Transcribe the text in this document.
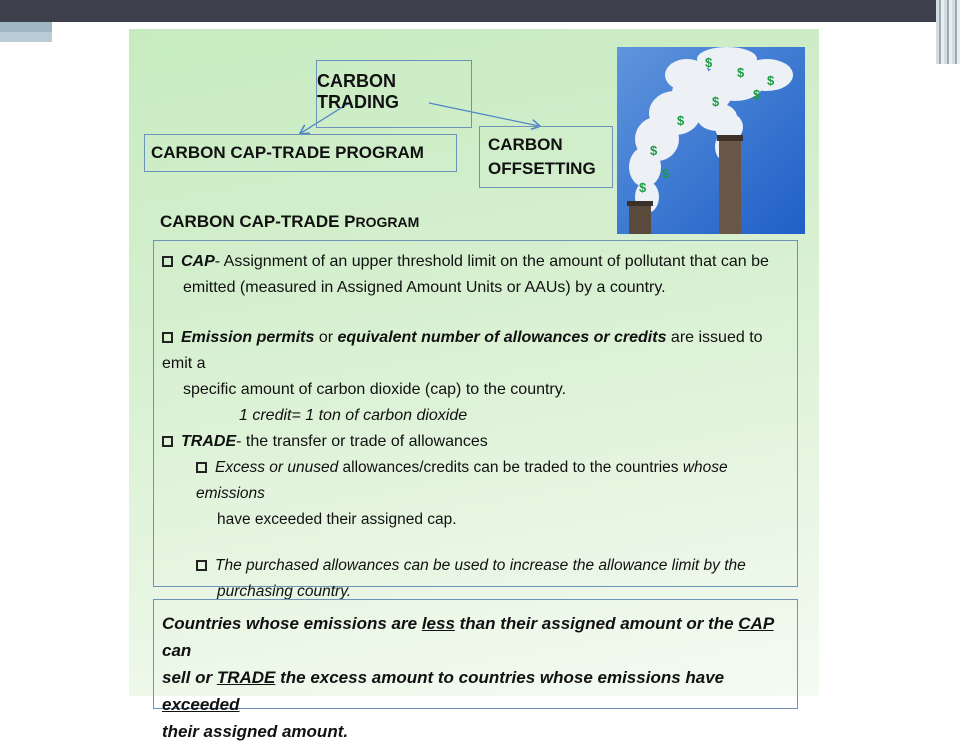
CARBON TRADING
CARBON CAP-TRADE PROGRAM	CARBON
OFFSETTING
$
$
$
$
$
$
$
$
$
CARBON CAP-TRADE PROGRAM
CAP- Assignment of an upper threshold limit on the amount of pollutant that can be
emitted (measured in Assigned Amount Units or AAUs) by a country.
Emission permits or equivalent number of allowances or credits are issued to emit a
specific amount of carbon dioxide (cap) to the country.
1 credit= 1 ton of carbon dioxide
TRADE- the transfer or trade of allowances
Excess or unused allowances/credits can be traded to the countries whose emissions
have exceeded their assigned cap.
The purchased allowances can be used to increase the allowance limit by the
purchasing country.
Countries whose emissions are less than their assigned amount or the CAP can
sell or TRADE the excess amount to countries whose emissions have exceeded
their assigned amount.
